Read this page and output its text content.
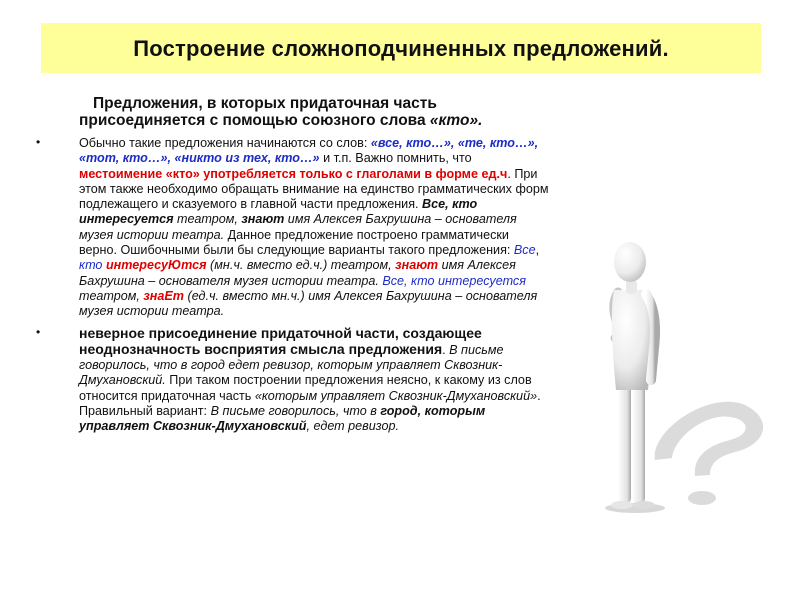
Построение сложноподчиненных предложений.

Предложения, в которых придаточная часть присоединяется с помощью союзного слова «кто».

•	Обычно такие предложения начинаются со слов: «все, кто…», «те, кто…», «тот, кто…», «никто из тех, кто…» и т.п. Важно помнить, что местоимение «кто» употребляется только с глаголами в форме ед.ч. При этом также необходимо обращать внимание на единство грамматических форм подлежащего и сказуемого в главной части предложения. Все, кто интересуется театром, знают имя Алексея Бахрушина – основателя музея истории театра. Данное предложение построено грамматически верно. Ошибочными были бы следующие варианты такого предложения: Все, кто интересуЮтся (мн.ч. вместо ед.ч.) театром, знают имя Алексея Бахрушина – основателя музея истории театра. Все, кто интересуется театром, знаЕт (ед.ч. вместо мн.ч.) имя Алексея Бахрушина – основателя музея истории театра.
•	неверное присоединение придаточной части, создающее неоднозначность восприятия смысла предложения. В письме говорилось, что в город едет ревизор, которым управляет Сквозник-Дмухановский. При таком построении предложения неясно, к какому из слов относится придаточная часть «которым управляет Сквозник-Дмухановский». Правильный вариант: В письме говорилось, что в город, которым управляет Сквозник-Дмухановский, едет ревизор.
